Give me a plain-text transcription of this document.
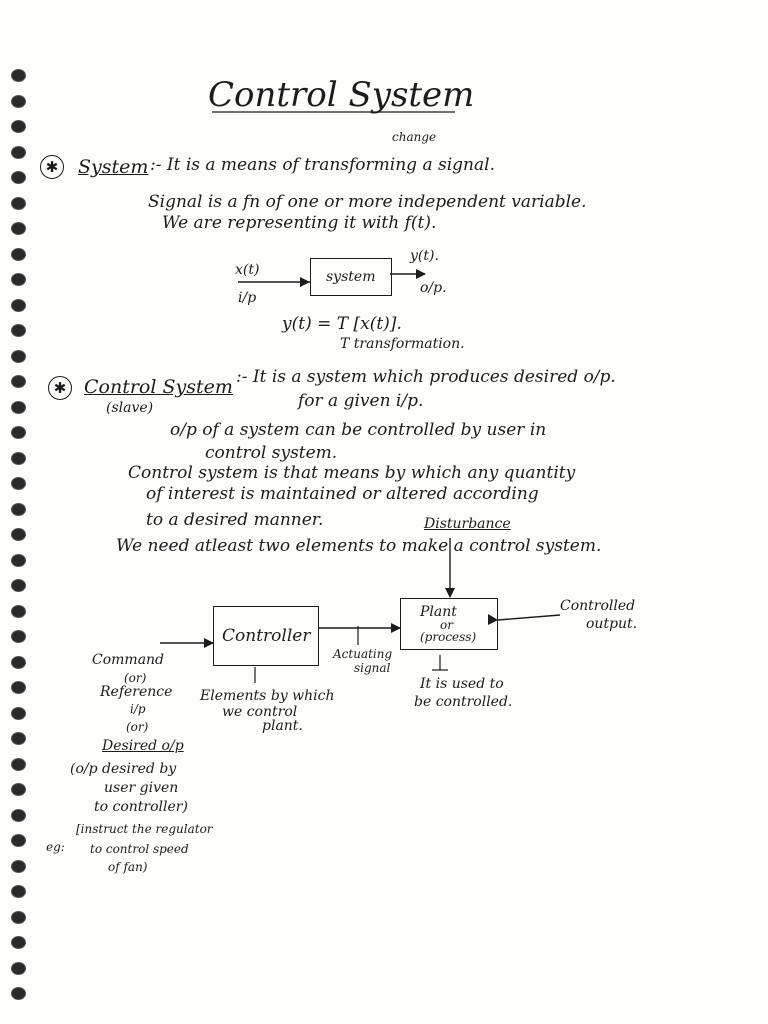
Control System
✱	System :- It is a means of transforming a signal.
change
Signal is a fn of one or more independent variable.
We are representing it with f(t).
x(t)
i/p
system
y(t).
o/p.
y(t) = T [x(t)].
T transformation.
✱ Control System :- It is a system which produces desired o/p.
(slave)	for a given i/p.
o/p of a system can be controlled by user in
control system.
Control system is that means by which any quantity
of interest is maintained or altered according
to a desired manner.
We need atleast two elements to make a control system.
Disturbance
Controller
Plant
or
(process)
Controlled
output.
Actuating
signal
Command
(or)
Reference
i/p
(or)
Desired o/p
(o/p desired by
user given
to controller)
Elements by which
we control
plant.
It is used to
be controlled.
eg:
[instruct the regulator
to control speed
of fan)
